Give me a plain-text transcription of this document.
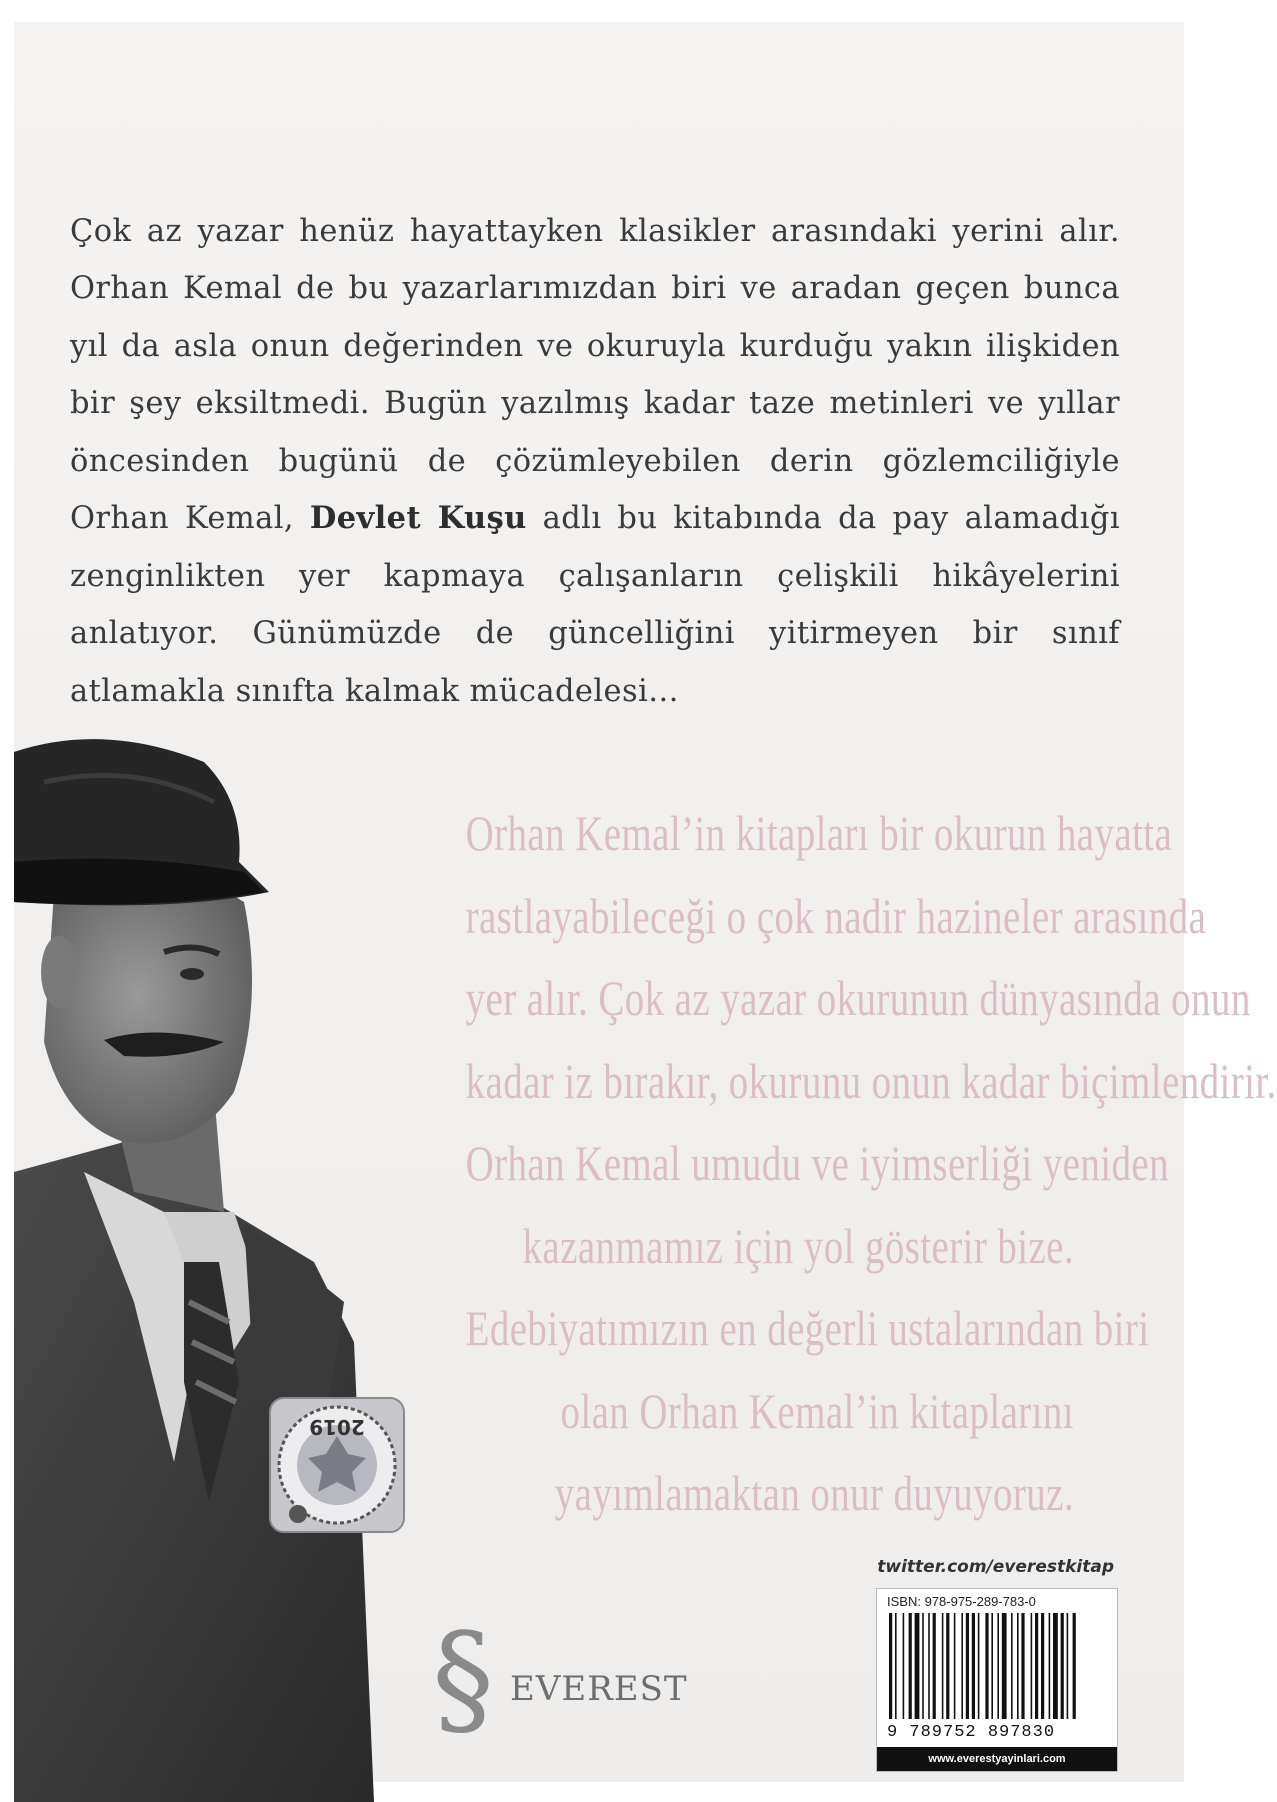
Çok az yazar henüz hayattayken klasikler arasındaki yerini alır. Orhan Kemal de bu yazarlarımızdan biri ve aradan geçen bunca yıl da asla onun değerinden ve okuruyla kurduğu yakın ilişkiden bir şey eksiltmedi. Bugün yazılmış kadar taze metinleri ve yıllar öncesinden bugünü de çözümleyebilen derin gözlemciliğiyle Orhan Kemal, Devlet Kuşu adlı bu kitabında da pay alamadığı zenginlikten yer kapmaya çalışanların çelişkili hikâyelerini anlatıyor. Günümüzde de güncelliğini yitirmeyen bir sınıf atlamakla sınıfta kalmak mücadelesi…

Orhan Kemal’in kitapları bir okurun hayatta
rastlayabileceği o çok nadir hazineler arasında
yer alır. Çok az yazar okurunun dünyasında onun
kadar iz bırakır, okurunu onun kadar biçimlendirir.
Orhan Kemal umudu ve iyimserliği yeniden
kazanmamız için yol gösterir bize.
Edebiyatımızın en değerli ustalarından biri
olan Orhan Kemal’in kitaplarını
yayımlamaktan onur duyuyoruz.
2019
§ EVEREST
twitter.com/everestkitap
ISBN: 978-975-289-783-0
9 789752 897830
www.everestyayinlari.com
